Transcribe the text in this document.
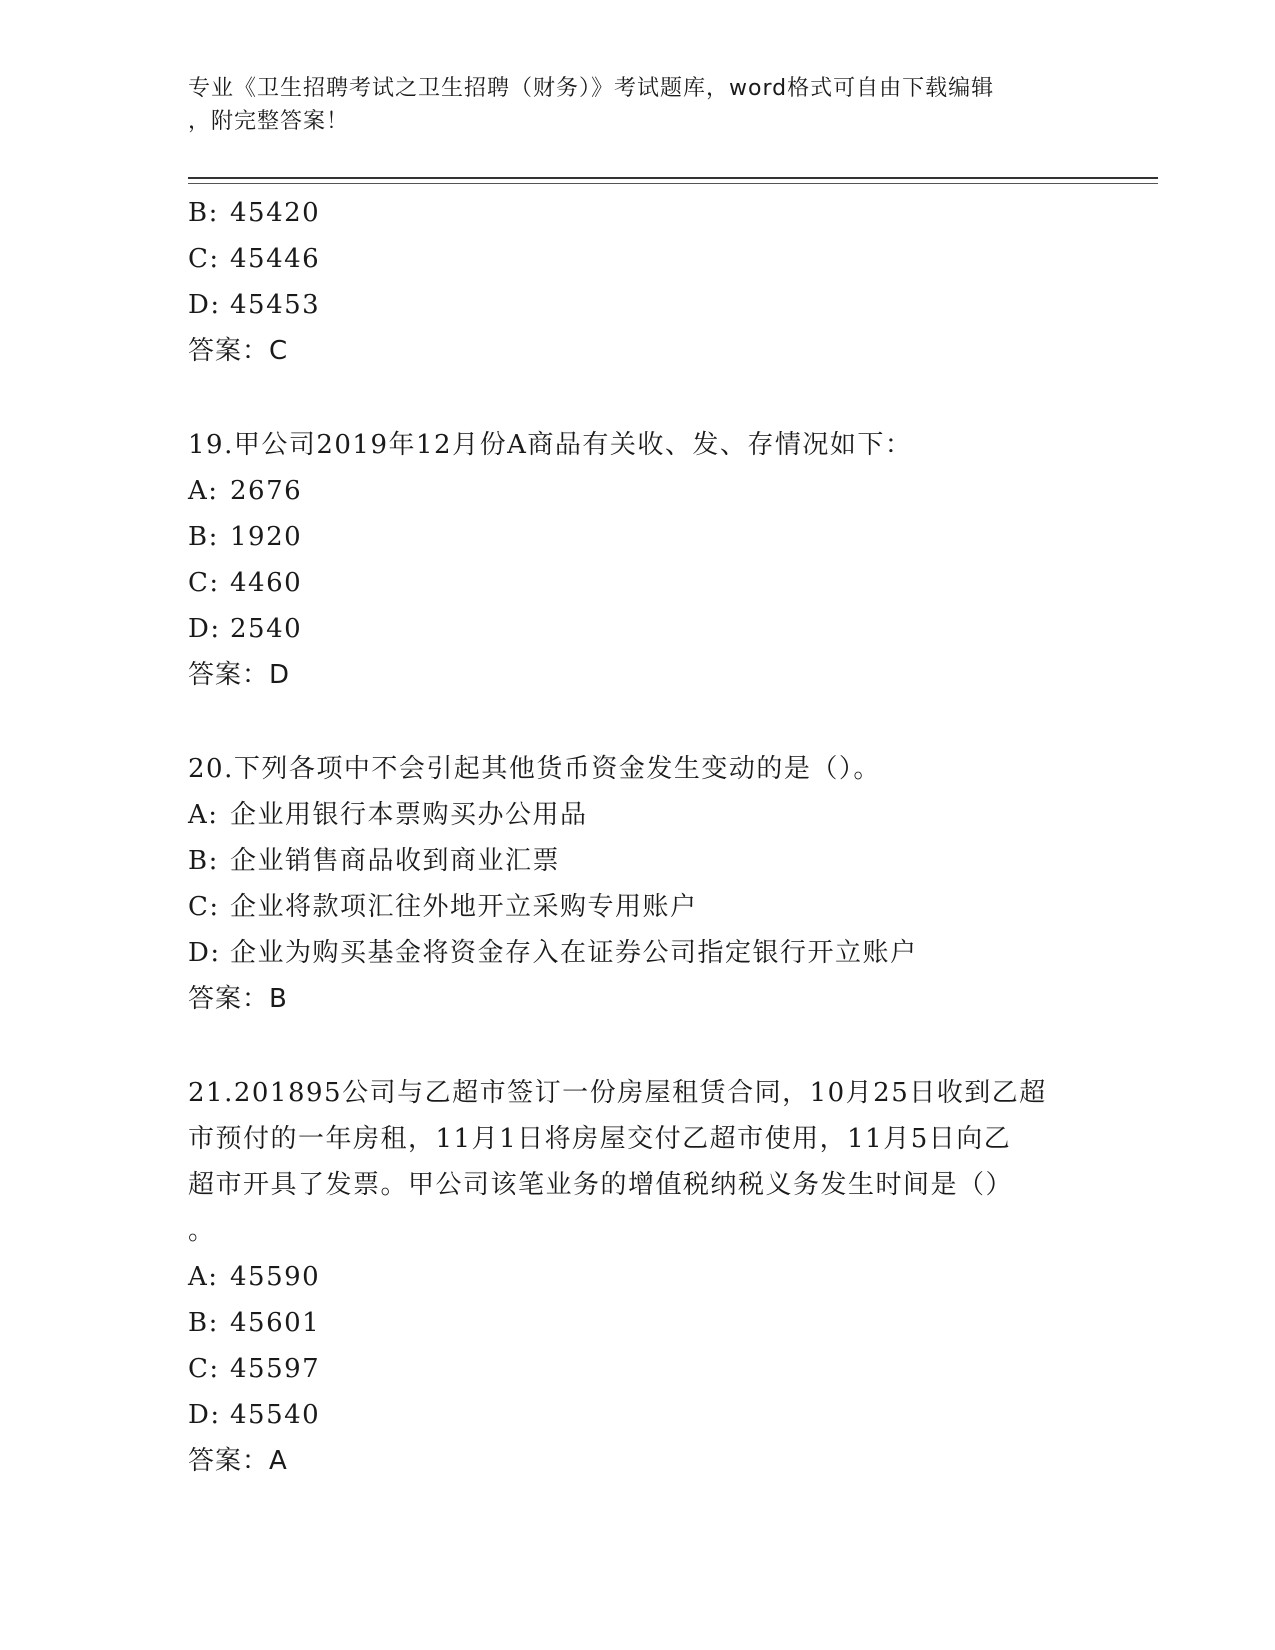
专业《卫生招聘考试之卫生招聘（财务）》考试题库，word格式可自由下载编辑
，附完整答案！
B: 45420
C: 45446
D: 45453
答案：C
19.甲公司2019年12月份A商品有关收、发、存情况如下：
A: 2676
B: 1920
C: 4460
D: 2540
答案：D
20.下列各项中不会引起其他货币资金发生变动的是（）。
A: 企业用银行本票购买办公用品
B: 企业销售商品收到商业汇票
C: 企业将款项汇往外地开立采购专用账户
D: 企业为购买基金将资金存入在证券公司指定银行开立账户
答案：B
21.201895公司与乙超市签订一份房屋租赁合同，10月25日收到乙超
市预付的一年房租，11月1日将房屋交付乙超市使用，11月5日向乙
超市开具了发票。甲公司该笔业务的增值税纳税义务发生时间是（）
。
A: 45590
B: 45601
C: 45597
D: 45540
答案：A
